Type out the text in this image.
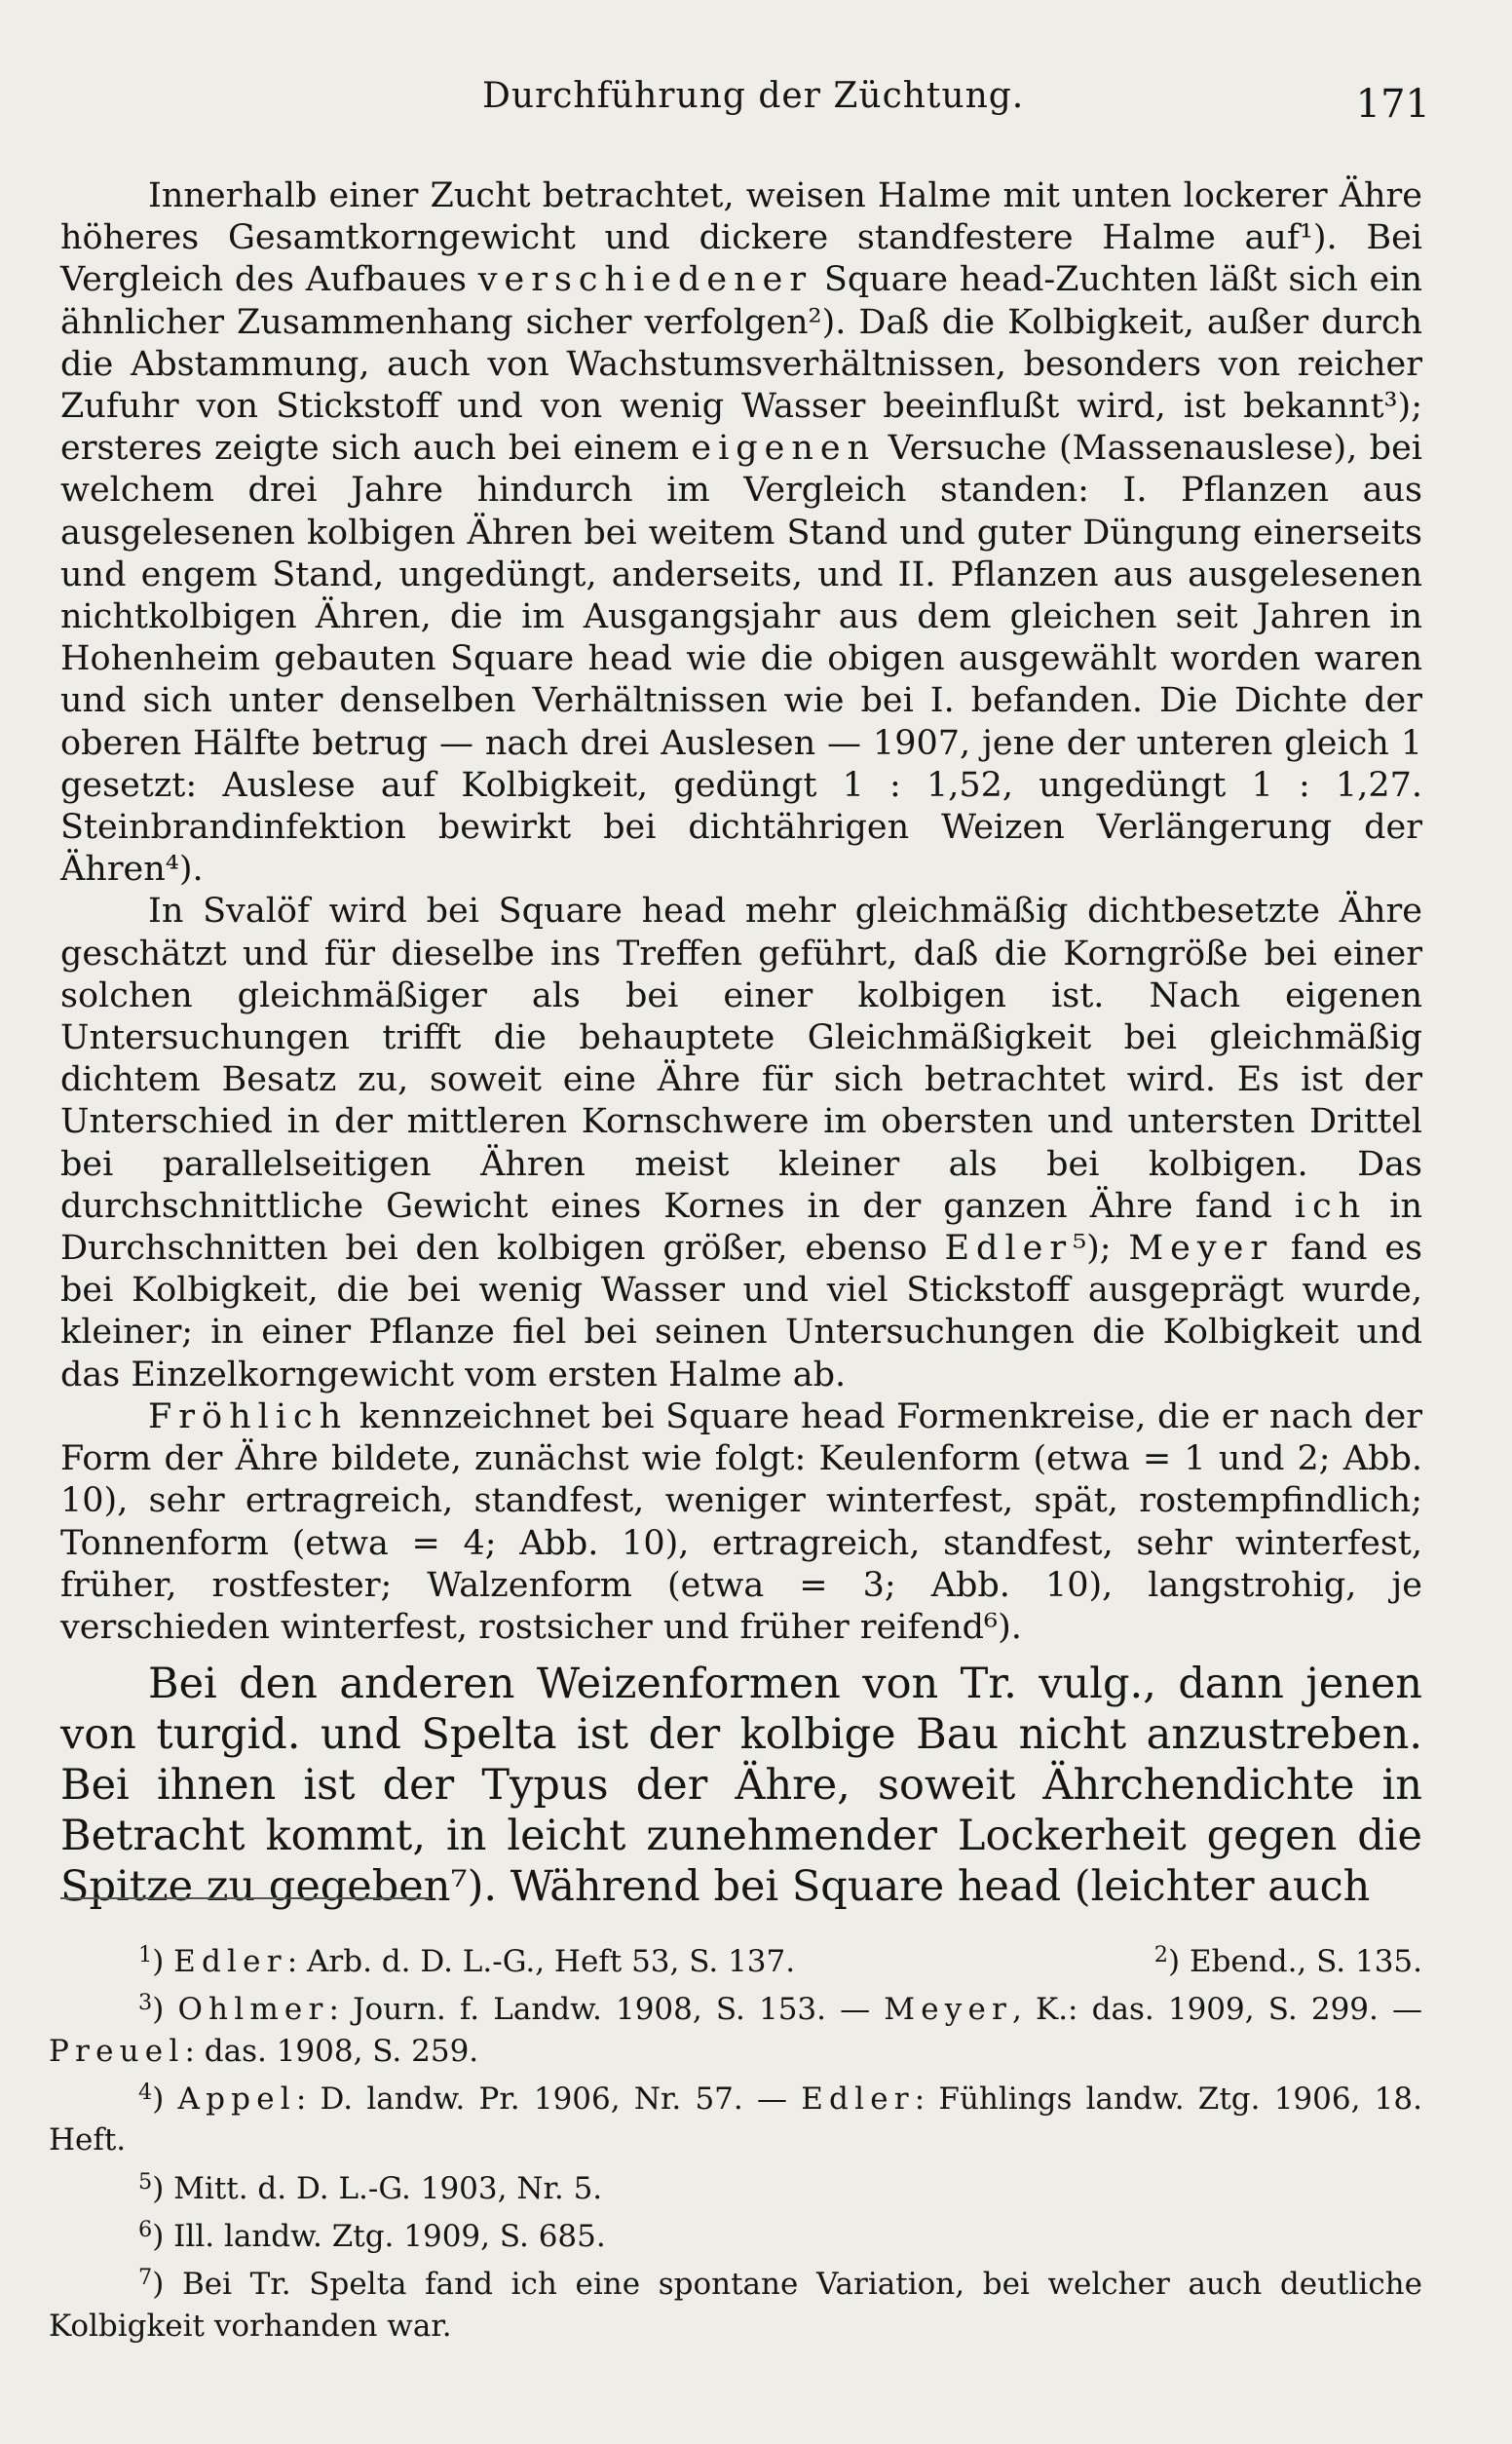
Durchführung der Züchtung.	171

Innerhalb einer Zucht betrachtet, weisen Halme mit unten lockerer Ähre höheres Gesamtkorngewicht und dickere standfestere Halme auf¹). Bei Vergleich des Aufbaues verschiedener Square head-Zuchten läßt sich ein ähnlicher Zusammenhang sicher verfolgen²). Daß die Kolbigkeit, außer durch die Abstammung, auch von Wachstumsverhältnissen, besonders von reicher Zufuhr von Stickstoff und von wenig Wasser beeinflußt wird, ist bekannt³); ersteres zeigte sich auch bei einem eigenen Versuche (Massenauslese), bei welchem drei Jahre hindurch im Vergleich standen: I. Pflanzen aus ausgelesenen kolbigen Ähren bei weitem Stand und guter Düngung einerseits und engem Stand, ungedüngt, anderseits, und II. Pflanzen aus ausgelesenen nichtkolbigen Ähren, die im Ausgangsjahr aus dem gleichen seit Jahren in Hohenheim gebauten Square head wie die obigen ausgewählt worden waren und sich unter denselben Verhältnissen wie bei I. befanden. Die Dichte der oberen Hälfte betrug — nach drei Auslesen — 1907, jene der unteren gleich 1 gesetzt: Auslese auf Kolbigkeit, gedüngt 1 : 1,52, ungedüngt 1 : 1,27. Steinbrandinfektion bewirkt bei dichtährigen Weizen Verlängerung der Ähren⁴).

In Svalöf wird bei Square head mehr gleichmäßig dichtbesetzte Ähre geschätzt und für dieselbe ins Treffen geführt, daß die Korngröße bei einer solchen gleichmäßiger als bei einer kolbigen ist. Nach eigenen Untersuchungen trifft die behauptete Gleichmäßigkeit bei gleichmäßig dichtem Besatz zu, soweit eine Ähre für sich betrachtet wird. Es ist der Unterschied in der mittleren Kornschwere im obersten und untersten Drittel bei parallelseitigen Ähren meist kleiner als bei kolbigen. Das durchschnittliche Gewicht eines Kornes in der ganzen Ähre fand ich in Durchschnitten bei den kolbigen größer, ebenso Edler⁵); Meyer fand es bei Kolbigkeit, die bei wenig Wasser und viel Stickstoff ausgeprägt wurde, kleiner; in einer Pflanze fiel bei seinen Untersuchungen die Kolbigkeit und das Einzelkorngewicht vom ersten Halme ab.

Fröhlich kennzeichnet bei Square head Formenkreise, die er nach der Form der Ähre bildete, zunächst wie folgt: Keulenform (etwa = 1 und 2; Abb. 10), sehr ertragreich, standfest, weniger winterfest, spät, rostempfindlich; Tonnenform (etwa = 4; Abb. 10), ertragreich, standfest, sehr winterfest, früher, rostfester; Walzenform (etwa = 3; Abb. 10), langstrohig, je verschieden winterfest, rostsicher und früher reifend⁶).

Bei den anderen Weizenformen von Tr. vulg., dann jenen von turgid. und Spelta ist der kolbige Bau nicht anzustreben. Bei ihnen ist der Typus der Ähre, soweit Ährchendichte in Betracht kommt, in leicht zunehmender Lockerheit gegen die Spitze zu gegeben⁷). Während bei Square head (leichter auch

$^1$) Edler: Arb. d. D. L.-G., Heft 53, S. 137.	$^2$) Ebend., S. 135.

$^3$) Ohlmer: Journ. f. Landw. 1908, S. 153. — Meyer, K.: das. 1909, S. 299. — Preuel: das. 1908, S. 259.

$^4$) Appel: D. landw. Pr. 1906, Nr. 57. — Edler: Fühlings landw. Ztg. 1906, 18. Heft.

$^5$) Mitt. d. D. L.-G. 1903, Nr. 5.

$^6$) Ill. landw. Ztg. 1909, S. 685.

$^7$) Bei Tr. Spelta fand ich eine spontane Variation, bei welcher auch deutliche Kolbigkeit vorhanden war.
